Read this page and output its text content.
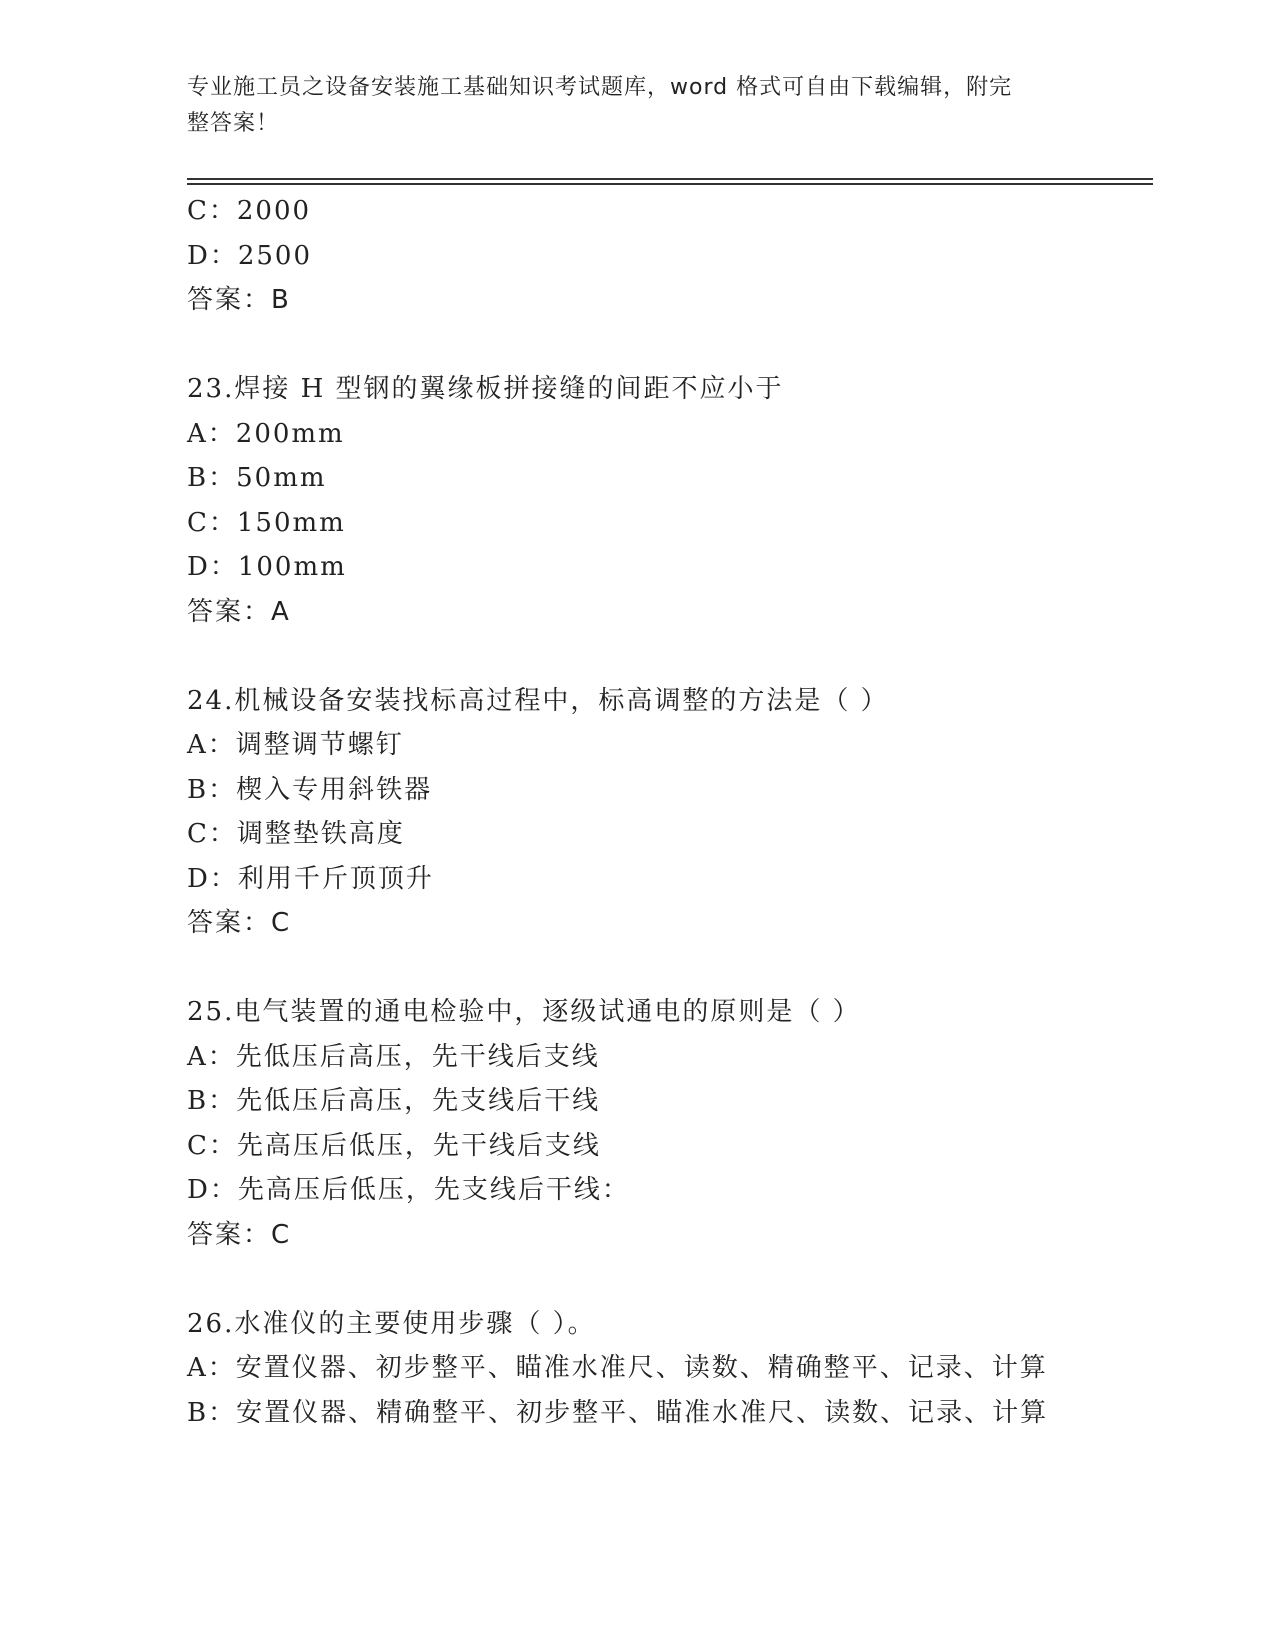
专业施工员之设备安装施工基础知识考试题库，word 格式可自由下载编辑，附完
整答案！
C：2000
D：2500
答案：B
23.焊接 H 型钢的翼缘板拼接缝的间距不应小于
A：200mm
B：50mm
C：150mm
D：100mm
答案：A
24.机械设备安装找标高过程中，标高调整的方法是（ ）
A：调整调节螺钉
B：楔入专用斜铁器
C：调整垫铁高度
D：利用千斤顶顶升
答案：C
25.电气装置的通电检验中，逐级试通电的原则是（ ）
A：先低压后高压，先干线后支线
B：先低压后高压，先支线后干线
C：先高压后低压，先干线后支线
D：先高压后低压，先支线后干线：
答案：C
26.水准仪的主要使用步骤（ ）。
A：安置仪器、初步整平、瞄准水准尺、读数、精确整平、记录、计算
B：安置仪器、精确整平、初步整平、瞄准水准尺、读数、记录、计算
